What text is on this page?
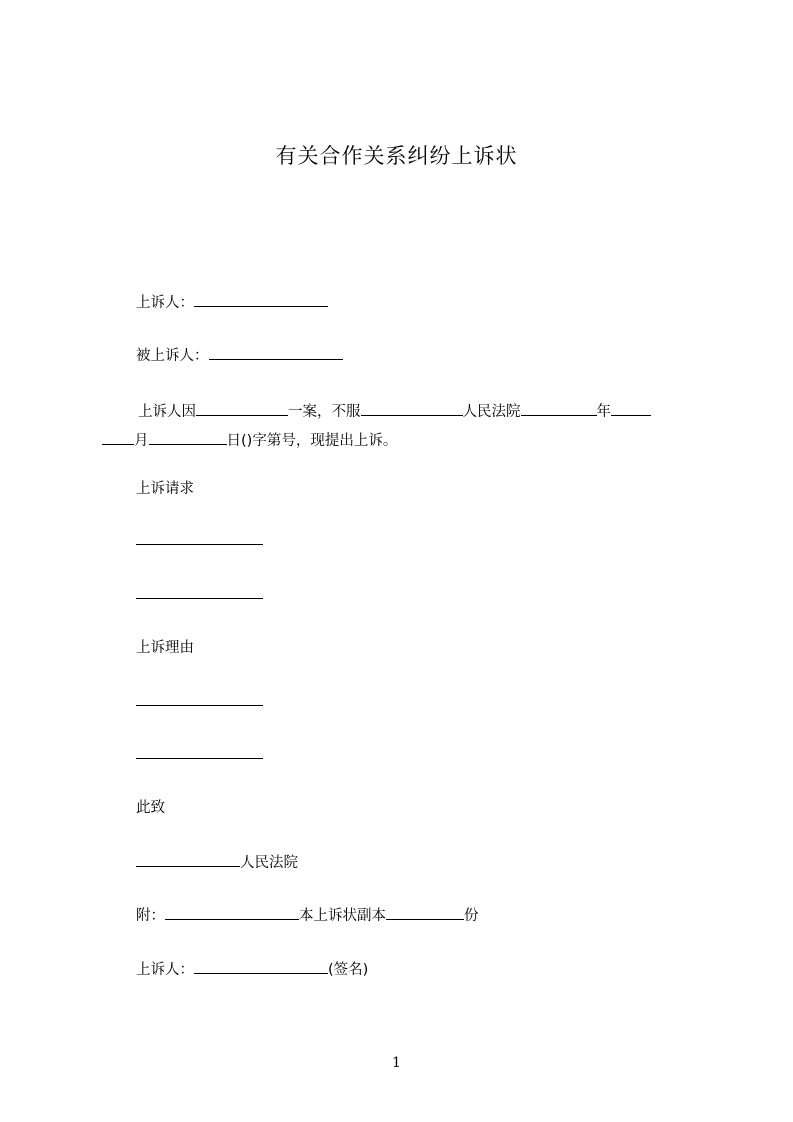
有关合作关系纠纷上诉状
上诉人：
被上诉人：
上诉人因	一案，不服	人民法院	年
月	日()字第号，现提出上诉。
上诉请求
上诉理由
此致
人民法院
附：	本上诉状副本	份
上诉人：	(签名)
1
